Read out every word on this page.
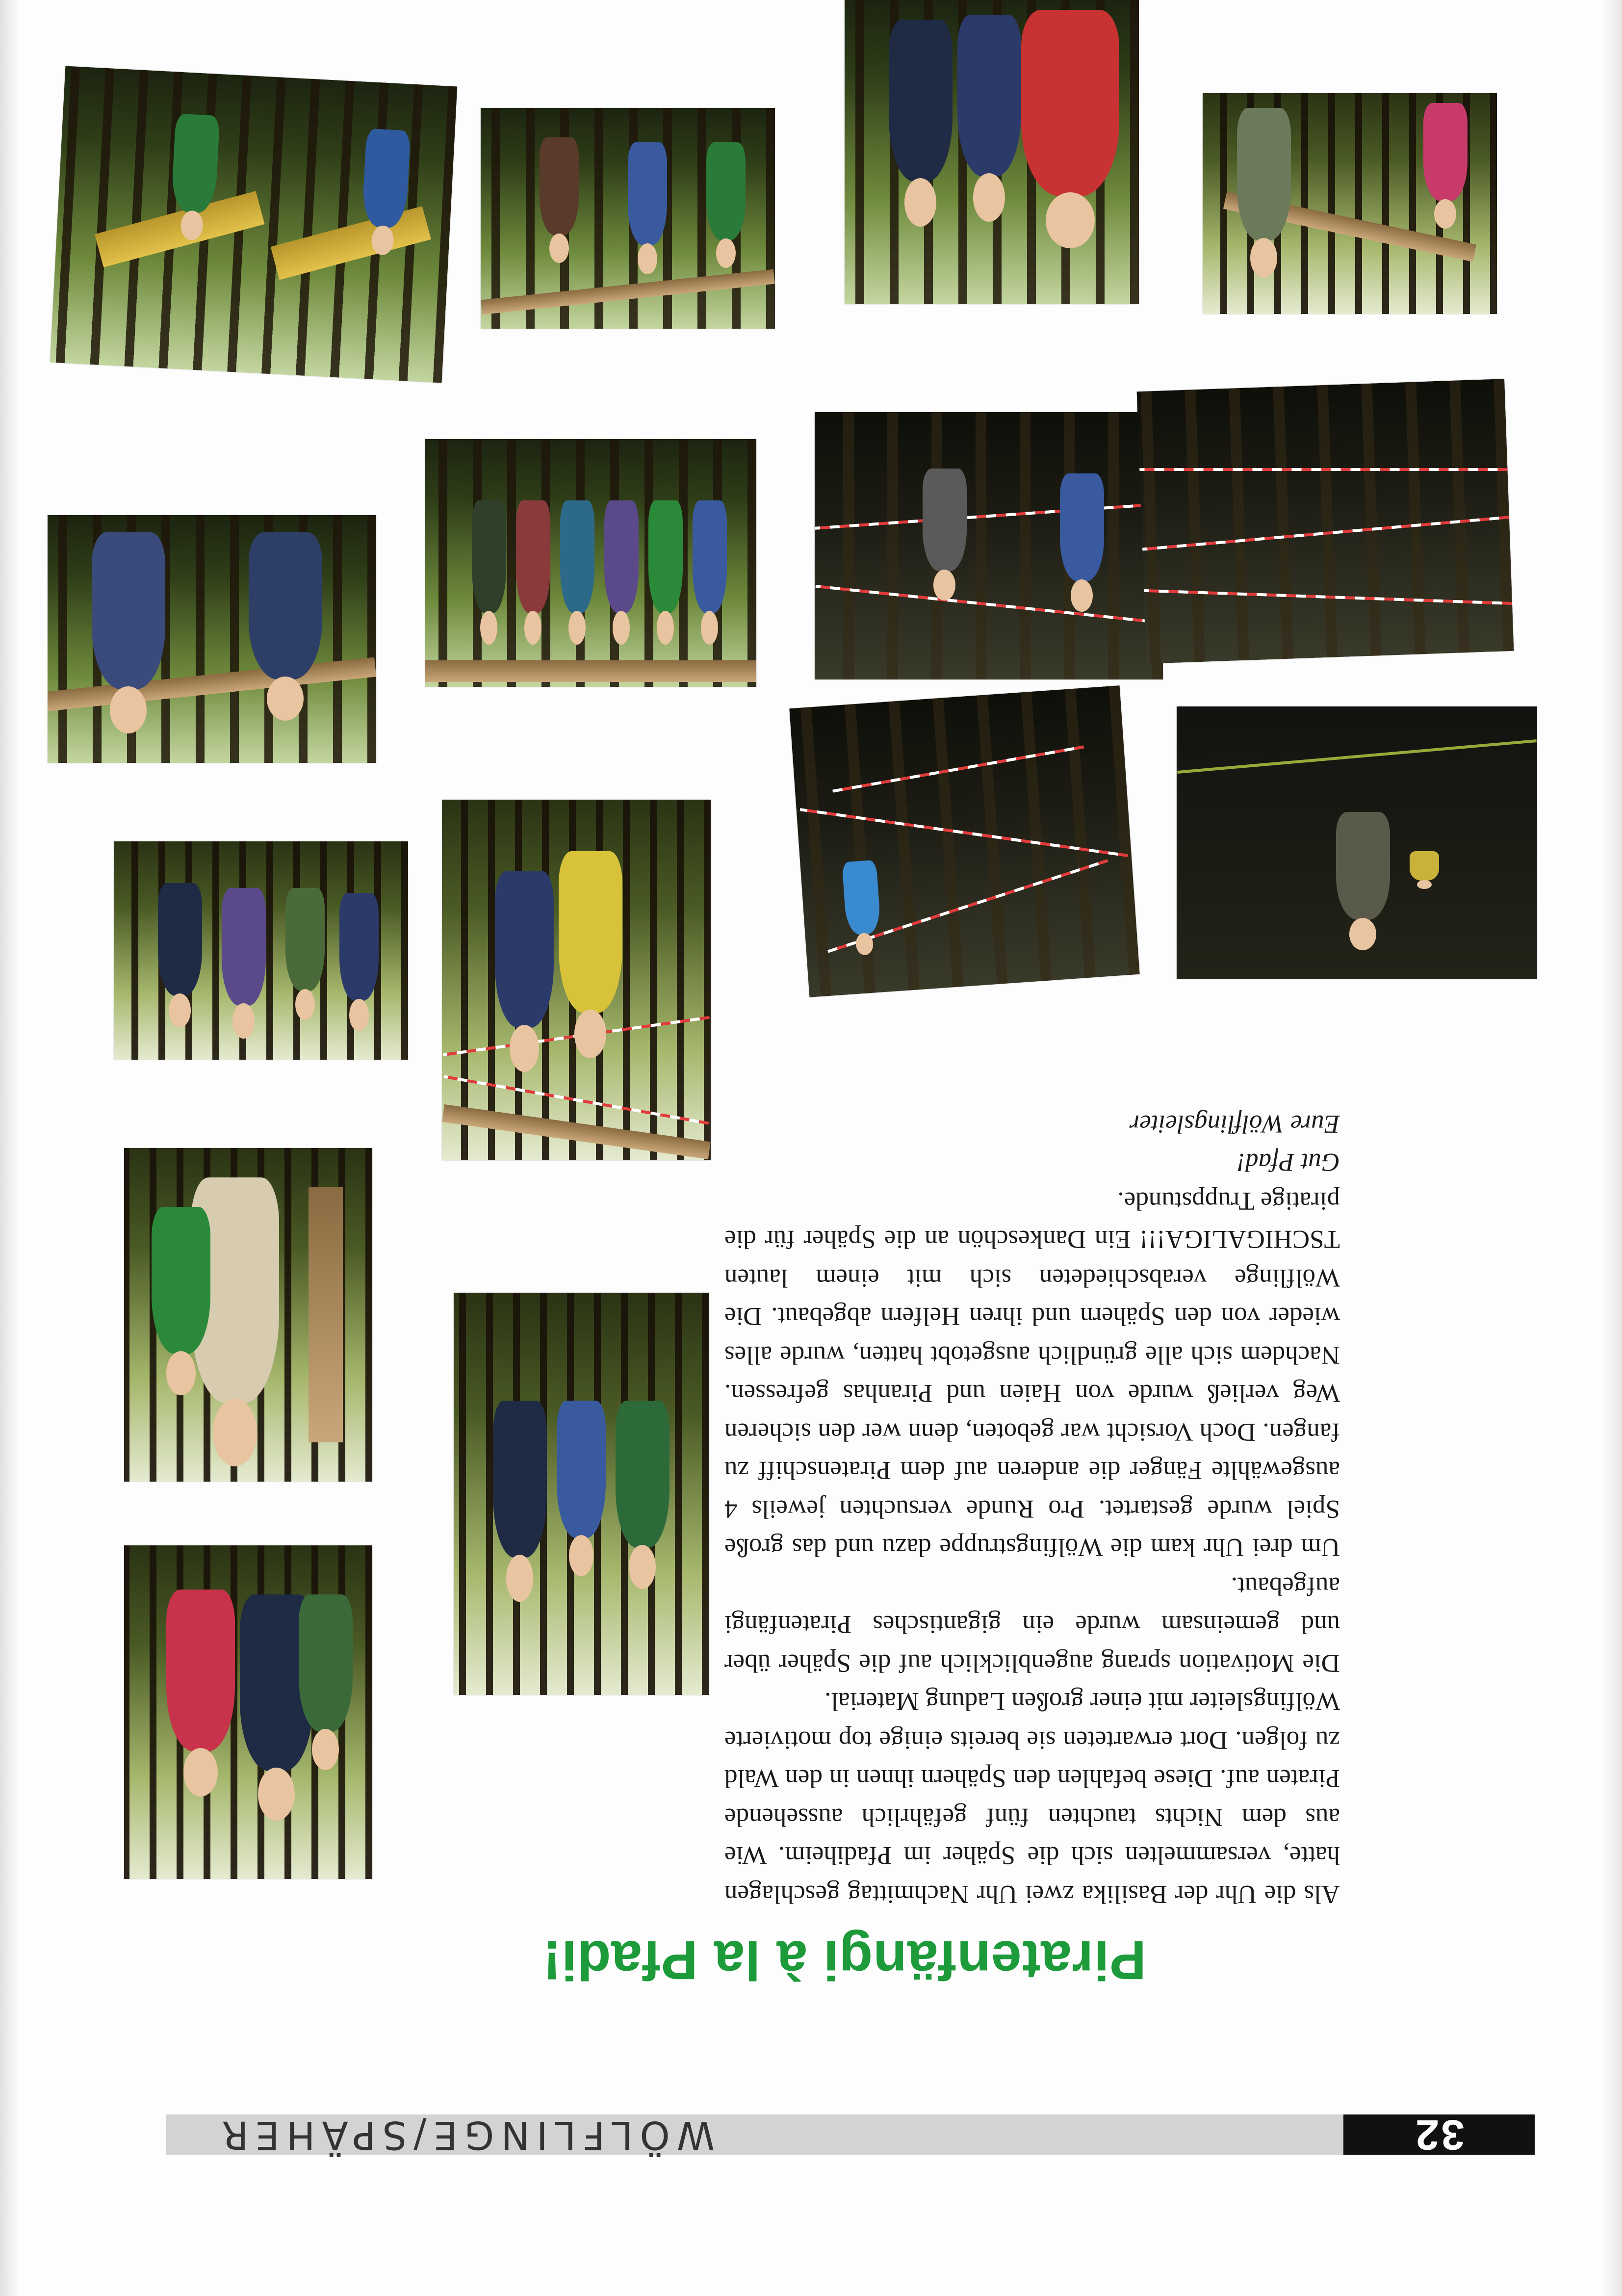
32
WÖLFLINGE/SPÄHER
Piratenfängi à la Pfadi!

Als die Uhr der Basilika zwei Uhr Nachmittag geschlagen hatte, versammelten sich die Späher im Pfadiheim. Wie aus dem Nichts tauchten fünf gefährlich aussehende Piraten auf. Diese befahlen den Spähern ihnen in den Wald zu folgen. Dort erwarteten sie bereits einige top motivierte Wölfingsleiter mit einer großen Ladung Material.

Die Motivation sprang augenblicklich auf die Späher über und gemeinsam wurde ein gigantisches Piratenfängi aufgebaut.

Um drei Uhr kam die Wölfingstruppe dazu und das große Spiel wurde gestartet. Pro Runde versuchten jeweils 4 ausgewählte Fänger die anderen auf dem Piratenschiff zu fangen. Doch Vorsicht war geboten, denn wer den sicheren Weg verließ wurde von Haien und Piranhas gefressen. Nachdem sich alle gründlich ausgetobt hatten, wurde alles wieder von den Spähern und ihren Helfern abgebaut. Die Wölflinge verabschiedeten sich mit einem lauten TSCHIGALIGA!!! Ein Dankeschön an die Späher für die piratige Truppstunde.

Gut Pfad!

Eure Wölflingsleiter
